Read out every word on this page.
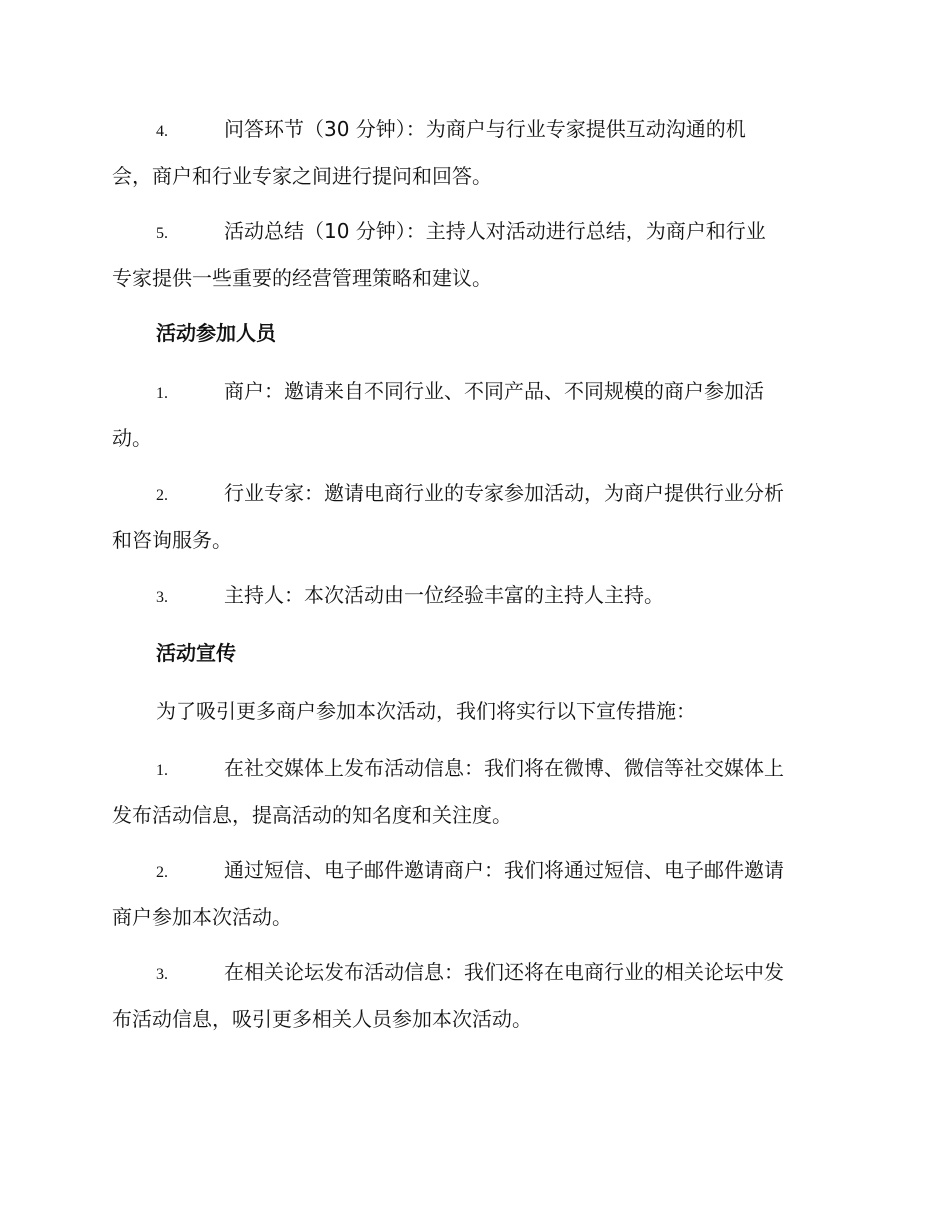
4.	问答环节（30 分钟）：为商户与行业专家提供互动沟通的机
会，商户和行业专家之间进行提问和回答。
5.	活动总结（10 分钟）：主持人对活动进行总结，为商户和行业
专家提供一些重要的经营管理策略和建议。
活动参加人员
1.	商户：邀请来自不同行业、不同产品、不同规模的商户参加活
动。
2.	行业专家：邀请电商行业的专家参加活动，为商户提供行业分析
和咨询服务。
3.	主持人：本次活动由一位经验丰富的主持人主持。
活动宣传
为了吸引更多商户参加本次活动，我们将实行以下宣传措施：
1.	在社交媒体上发布活动信息：我们将在微博、微信等社交媒体上
发布活动信息，提高活动的知名度和关注度。
2.	通过短信、电子邮件邀请商户：我们将通过短信、电子邮件邀请
商户参加本次活动。
3.	在相关论坛发布活动信息：我们还将在电商行业的相关论坛中发
布活动信息，吸引更多相关人员参加本次活动。
